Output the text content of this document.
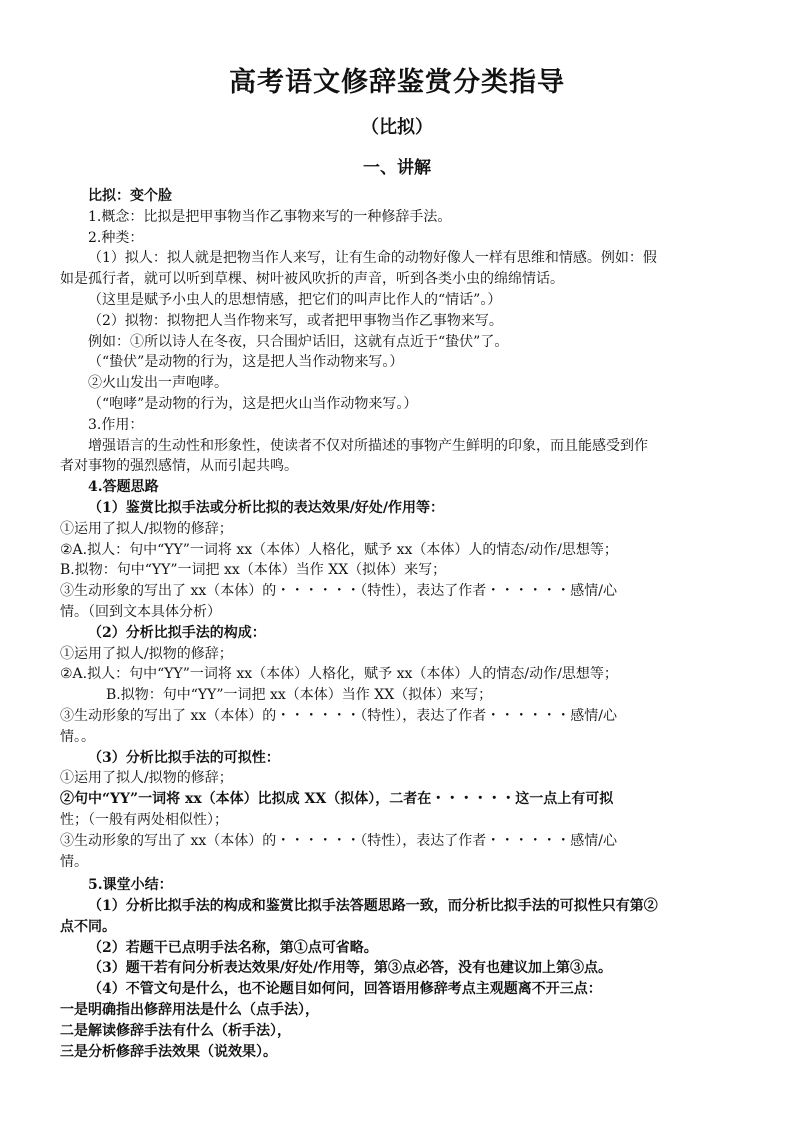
高考语文修辞鉴赏分类指导
（比拟）
一、讲解
比拟：变个脸
1.概念：比拟是把甲事物当作乙事物来写的一种修辞手法。
2.种类：
（1）拟人：拟人就是把物当作人来写，让有生命的动物好像人一样有思维和情感。例如：假
如是孤行者，就可以听到草棵、树叶被风吹折的声音，听到各类小虫的绵绵情话。
（这里是赋予小虫人的思想情感，把它们的叫声比作人的“情话”。）
（2）拟物：拟物把人当作物来写，或者把甲事物当作乙事物来写。
例如：①所以诗人在冬夜，只合围炉话旧，这就有点近于“蛰伏”了。
（“蛰伏”是动物的行为，这是把人当作动物来写。）
②火山发出一声咆哮。
（“咆哮”是动物的行为，这是把火山当作动物来写。）
3.作用：
增强语言的生动性和形象性，使读者不仅对所描述的事物产生鲜明的印象，而且能感受到作
者对事物的强烈感情，从而引起共鸣。
4.答题思路
（1）鉴赏比拟手法或分析比拟的表达效果/好处/作用等：
①运用了拟人/拟物的修辞；
②A.拟人：句中“YY”一词将 xx（本体）人格化，赋予 xx（本体）人的情态/动作/思想等；
B.拟物：句中“YY”一词把 xx（本体）当作 XX（拟体）来写；
③生动形象的写出了 xx（本体）的・・・・・・（特性），表达了作者・・・・・・感情/心
情。（回到文本具体分析）
（2）分析比拟手法的构成：
①运用了拟人/拟物的修辞；
②A.拟人：句中“YY”一词将 xx（本体）人格化，赋予 xx（本体）人的情态/动作/思想等；
B.拟物：句中“YY”一词把 xx（本体）当作 XX（拟体）来写；
③生动形象的写出了 xx（本体）的・・・・・・（特性），表达了作者・・・・・・感情/心
情。。
（3）分析比拟手法的可拟性：
①运用了拟人/拟物的修辞；
②句中“YY”一词将 xx（本体）比拟成 XX（拟体），二者在・・・・・・这一点上有可拟
性；（一般有两处相似性）；
③生动形象的写出了 xx（本体）的・・・・・・（特性），表达了作者・・・・・・感情/心
情。
5.课堂小结：
（1）分析比拟手法的构成和鉴赏比拟手法答题思路一致，而分析比拟手法的可拟性只有第②
点不同。
（2）若题干已点明手法名称，第①点可省略。
（3）题干若有问分析表达效果/好处/作用等，第③点必答，没有也建议加上第③点。
（4）不管文句是什么，也不论题目如何问，回答语用修辞考点主观题离不开三点：
一是明确指出修辞用法是什么（点手法），
二是解读修辞手法有什么（析手法），
三是分析修辞手法效果（说效果）。
